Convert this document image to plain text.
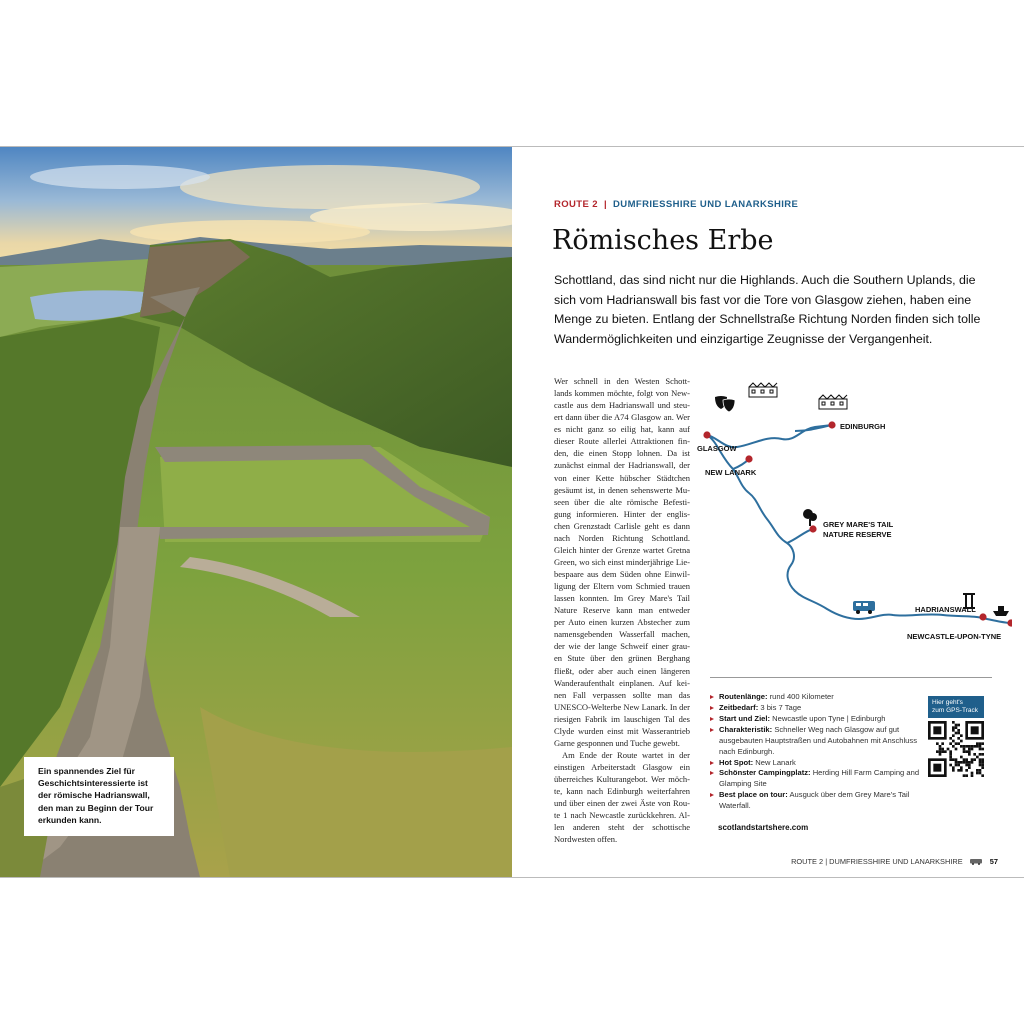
Ein spannendes Ziel für
Geschichtsinteressierte ist
der römische Hadrianswall,
den man zu Beginn der Tour
erkunden kann.
ROUTE 2 | DUMFRIESSHIRE UND LANARKSHIRE
Römisches Erbe
Schottland, das sind nicht nur die Highlands. Auch die Southern Uplands, die
sich vom Hadrianswall bis fast vor die Tore von Glasgow ziehen, haben eine
Menge zu bieten. Entlang der Schnellstraße Richtung Norden finden sich tolle
Wandermöglichkeiten und einzigartige Zeugnisse der Vergangenheit.
Wer schnell in den Westen Schott-
lands kommen möchte, folgt von New-
castle aus dem Hadrianswall und steu-
ert dann über die A74 Glasgow an. Wer
es nicht ganz so eilig hat, kann auf
dieser Route allerlei Attraktionen fin-
den, die einen Stopp lohnen. Da ist
zunächst einmal der Hadrianswall, der
von einer Kette hübscher Städtchen
gesäumt ist, in denen sehenswerte Mu-
seen über die alte römische Befesti-
gung informieren. Hinter der englis-
chen Grenzstadt Carlisle geht es dann
nach Norden Richtung Schottland.
Gleich hinter der Grenze wartet Gretna
Green, wo sich einst minderjährige Lie-
bespaare aus dem Süden ohne Einwil-
ligung der Eltern vom Schmied trauen
lassen konnten. Im Grey Mare's Tail
Nature Reserve kann man entweder
per Auto einen kurzen Abstecher zum
namensgebenden Wasserfall machen,
der wie der lange Schweif einer grau-
en Stute über den grünen Berghang
fließt, oder aber auch einen längeren
Wanderaufenthalt einplanen. Auf kei-
nen Fall verpassen sollte man das
UNESCO-Welterbe New Lanark. In der
riesigen Fabrik im lauschigen Tal des
Clyde wurden einst mit Wasserantrieb
Garne gesponnen und Tuche gewebt.
Am Ende der Route wartet in der
einstigen Arbeiterstadt Glasgow ein
überreiches Kulturangebot. Wer möch-
te, kann nach Edinburgh weiterfahren
und über einen der zwei Äste von Rou-
te 1 nach Newcastle zurückkehren. Al-
len anderen steht der schottische
Nordwesten offen.
GLASGOW
EDINBURGH
NEW LANARK
GREY MARE'S TAIL
NATURE RESERVE
HADRIANSWALL
NEWCASTLE-UPON-TYNE
Routenlänge: rund 400 Kilometer
Zeitbedarf: 3 bis 7 Tage
Start und Ziel: Newcastle upon Tyne | Edinburgh
Charakteristik: Schneller Weg nach Glasgow auf gut ausgebauten Hauptstraßen und Autobahnen mit Anschluss nach Edinburgh.
Hot Spot: New Lanark
Schönster Campingplatz: Herding Hill Farm Camping and Glamping Site
Best place on tour: Ausguck über dem Grey Mare's Tail Waterfall.
Hier geht's
zum GPS-Track
scotlandstartshere.com
ROUTE 2 | DUMFRIESSHIRE UND LANARKSHIRE	57
